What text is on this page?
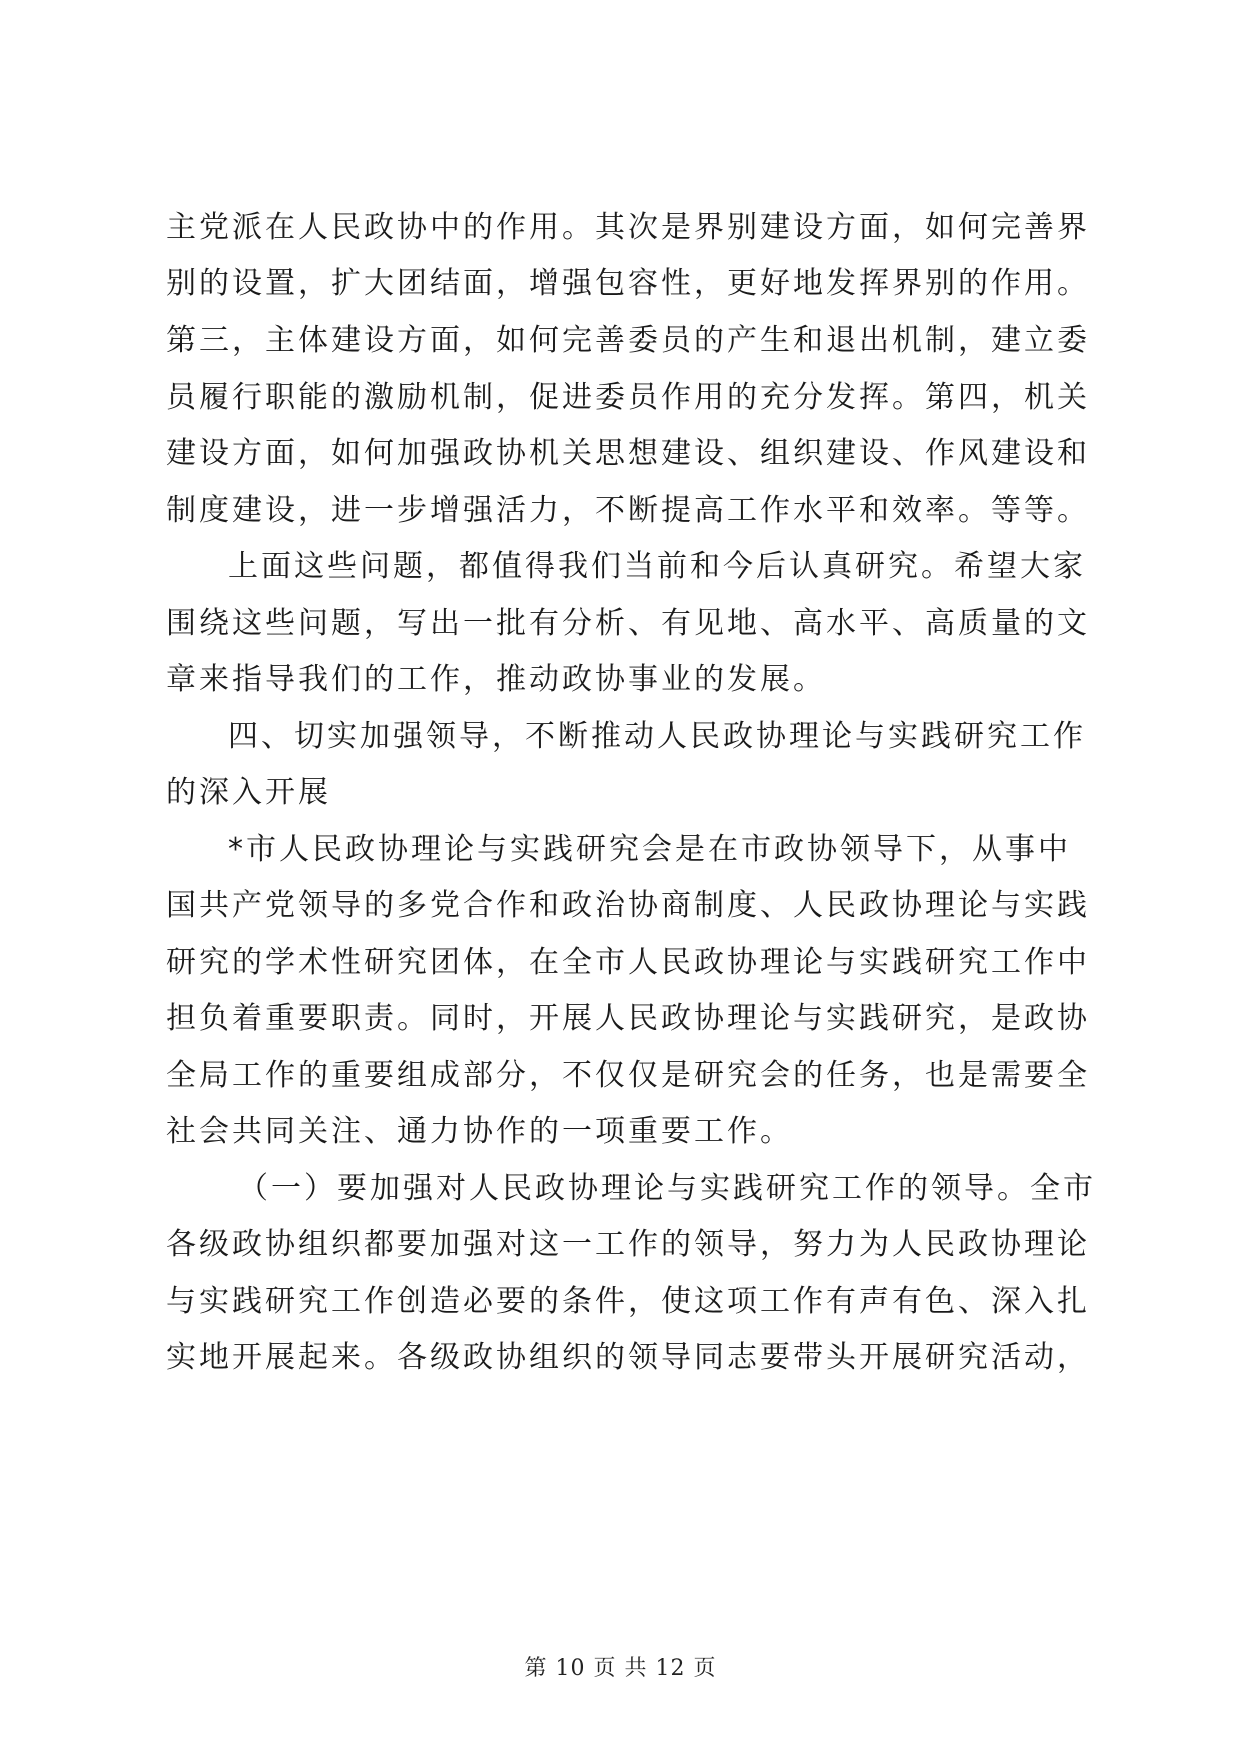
主党派在人民政协中的作用。其次是界别建设方面，如何完善界
别的设置，扩大团结面，增强包容性，更好地发挥界别的作用。
第三，主体建设方面，如何完善委员的产生和退出机制，建立委
员履行职能的激励机制，促进委员作用的充分发挥。第四，机关
建设方面，如何加强政协机关思想建设、组织建设、作风建设和
制度建设，进一步增强活力，不断提高工作水平和效率。等等。
上面这些问题，都值得我们当前和今后认真研究。希望大家
围绕这些问题，写出一批有分析、有见地、高水平、高质量的文
章来指导我们的工作，推动政协事业的发展。
四、切实加强领导，不断推动人民政协理论与实践研究工作
的深入开展
*市人民政协理论与实践研究会是在市政协领导下，从事中
国共产党领导的多党合作和政治协商制度、人民政协理论与实践
研究的学术性研究团体，在全市人民政协理论与实践研究工作中
担负着重要职责。同时，开展人民政协理论与实践研究，是政协
全局工作的重要组成部分，不仅仅是研究会的任务，也是需要全
社会共同关注、通力协作的一项重要工作。
（一）要加强对人民政协理论与实践研究工作的领导。全市
各级政协组织都要加强对这一工作的领导，努力为人民政协理论
与实践研究工作创造必要的条件，使这项工作有声有色、深入扎
实地开展起来。各级政协组织的领导同志要带头开展研究活动，
第 10 页 共 12 页
